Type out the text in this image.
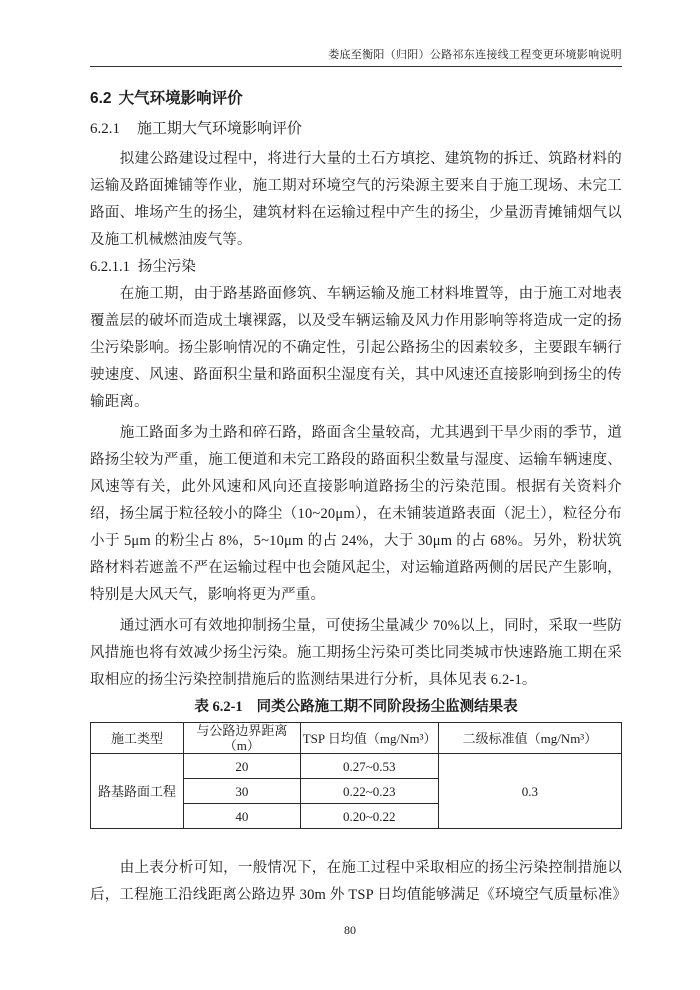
娄底至衡阳（归阳）公路祁东连接线工程变更环境影响说明
6.2 大气环境影响评价
6.2.1 施工期大气环境影响评价

拟建公路建设过程中，将进行大量的土石方填挖、建筑物的拆迁、筑路材料的运输及路面摊铺等作业，施工期对环境空气的污染源主要来自于施工现场、未完工路面、堆场产生的扬尘，建筑材料在运输过程中产生的扬尘，少量沥青摊铺烟气以及施工机械燃油废气等。

6.2.1.1 扬尘污染

在施工期，由于路基路面修筑、车辆运输及施工材料堆置等，由于施工对地表覆盖层的破坏而造成土壤裸露，以及受车辆运输及风力作用影响等将造成一定的扬尘污染影响。扬尘影响情况的不确定性，引起公路扬尘的因素较多，主要跟车辆行驶速度、风速、路面积尘量和路面积尘湿度有关，其中风速还直接影响到扬尘的传输距离。

施工路面多为土路和碎石路，路面含尘量较高，尤其遇到干旱少雨的季节，道路扬尘较为严重，施工便道和未完工路段的路面积尘数量与湿度、运输车辆速度、风速等有关，此外风速和风向还直接影响道路扬尘的污染范围。根据有关资料介绍，扬尘属于粒径较小的降尘（10~20μm），在未铺装道路表面（泥土），粒径分布小于 5μm 的粉尘占 8%，5~10μm 的占 24%，大于 30μm 的占 68%。另外，粉状筑路材料若遮盖不严在运输过程中也会随风起尘，对运输道路两侧的居民产生影响，特别是大风天气，影响将更为严重。

通过洒水可有效地抑制扬尘量，可使扬尘量减少 70%以上，同时，采取一些防风措施也将有效减少扬尘污染。施工期扬尘污染可类比同类城市快速路施工期在采取相应的扬尘污染控制措施后的监测结果进行分析，具体见表 6.2-1。

表 6.2-1 同类公路施工期不同阶段扬尘监测结果表
施工类型	与公路边界距离（m）	TSP 日均值（mg/Nm³）	二级标准值（mg/Nm³）
路基路面工程	20	0.27~0.53	0.3
	30	0.22~0.23	
	40	0.20~0.22	

由上表分析可知，一般情况下，在施工过程中采取相应的扬尘污染控制措施以后，工程施工沿线距离公路边界 30m 外 TSP 日均值能够满足《环境空气质量标准》

80
